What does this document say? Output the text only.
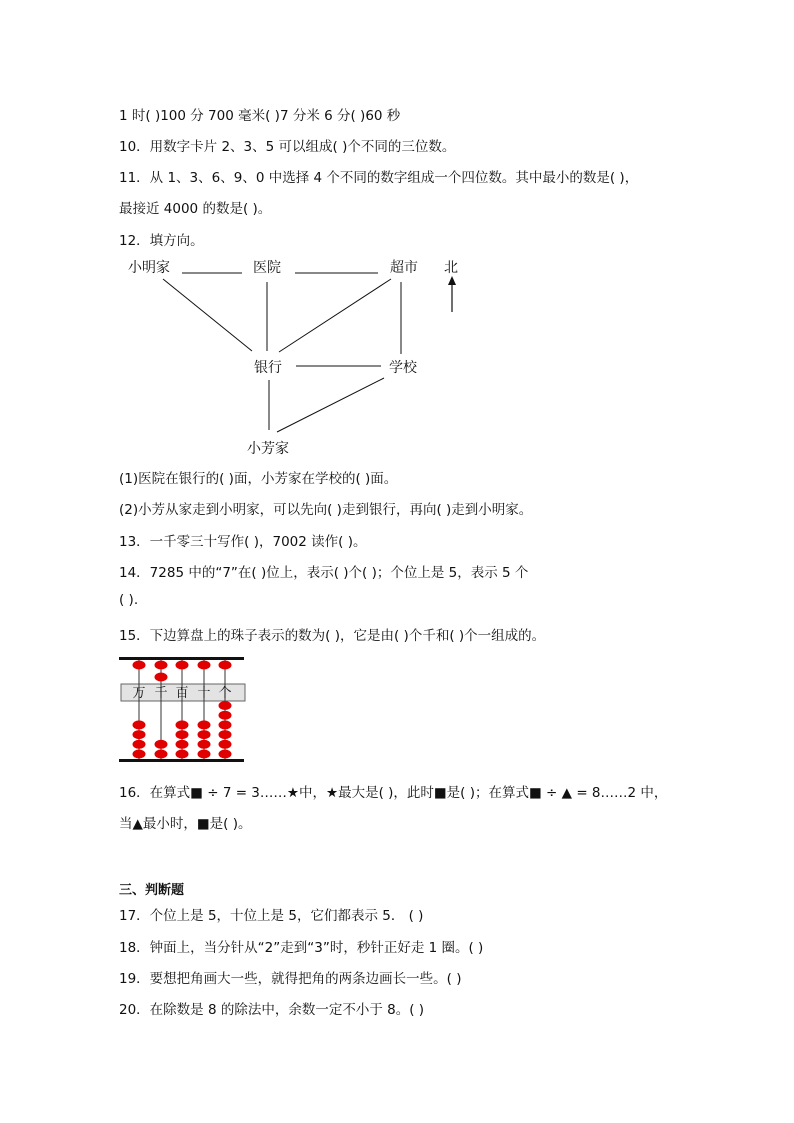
1 时( )100 分 700 毫米( )7 分米 6 分( )60 秒
10．用数字卡片 2、3、5 可以组成( )个不同的三位数。
11．从 1、3、6、9、0 中选择 4 个不同的数字组成一个四位数。其中最小的数是( )，
最接近 4000 的数是( )。
12．填方向。
小明家	医院	超市 北
银行	学校
小芳家
(1)医院在银行的( )面，小芳家在学校的( )面。
(2)小芳从家走到小明家，可以先向( )走到银行，再向( )走到小明家。
13．一千零三十写作( )，7002 读作( )。
14．7285 中的“7”在( )位上，表示( )个( )；个位上是 5，表示 5 个
( ).
15．下边算盘上的珠子表示的数为( )，它是由( )个千和( )个一组成的。
万 千 百 十 个
16．在算式■ ÷ 7 = 3……★中，★最大是( )，此时■是( )；在算式■ ÷ ▲ = 8……2 中，
当▲最小时，■是( )。
三、判断题
17．个位上是 5，十位上是 5，它们都表示 5． ( )
18．钟面上，当分针从“2”走到“3”时，秒针正好走 1 圈。( )
19．要想把角画大一些，就得把角的两条边画长一些。( )
20．在除数是 8 的除法中，余数一定不小于 8。( )
